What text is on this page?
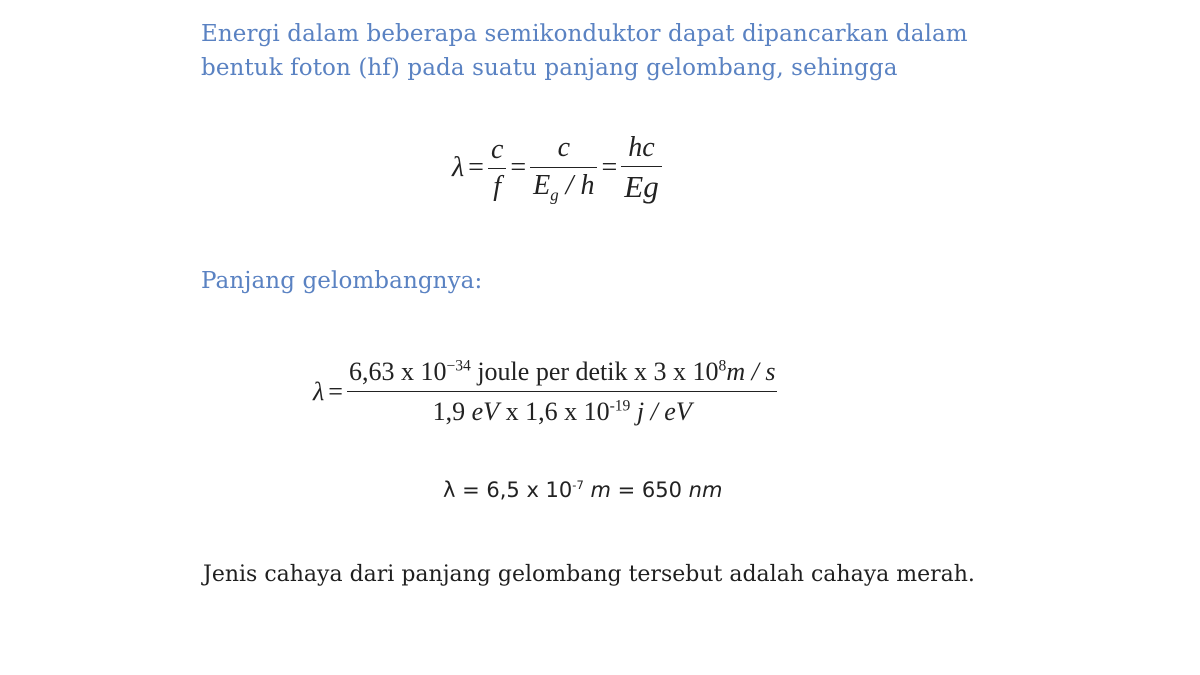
Energi dalam beberapa semikonduktor dapat dipancarkan dalam

bentuk foton (hf) pada suatu panjang gelombang, sehingga

$\lambda = \frac{c}{f} = \frac{c}{E_g / h} = \frac{hc}{Eg}$

Panjang gelombangnya:

$\lambda = \frac{6,63 x 10^{-34} joule per detik x 3 x 10^8m / s}{1,9 eV x 1,6 x 10^{-19} j / eV}$
λ = 6,5 x $10^{-7}$ m = 650 nm

Jenis cahaya dari panjang gelombang tersebut adalah cahaya merah.
